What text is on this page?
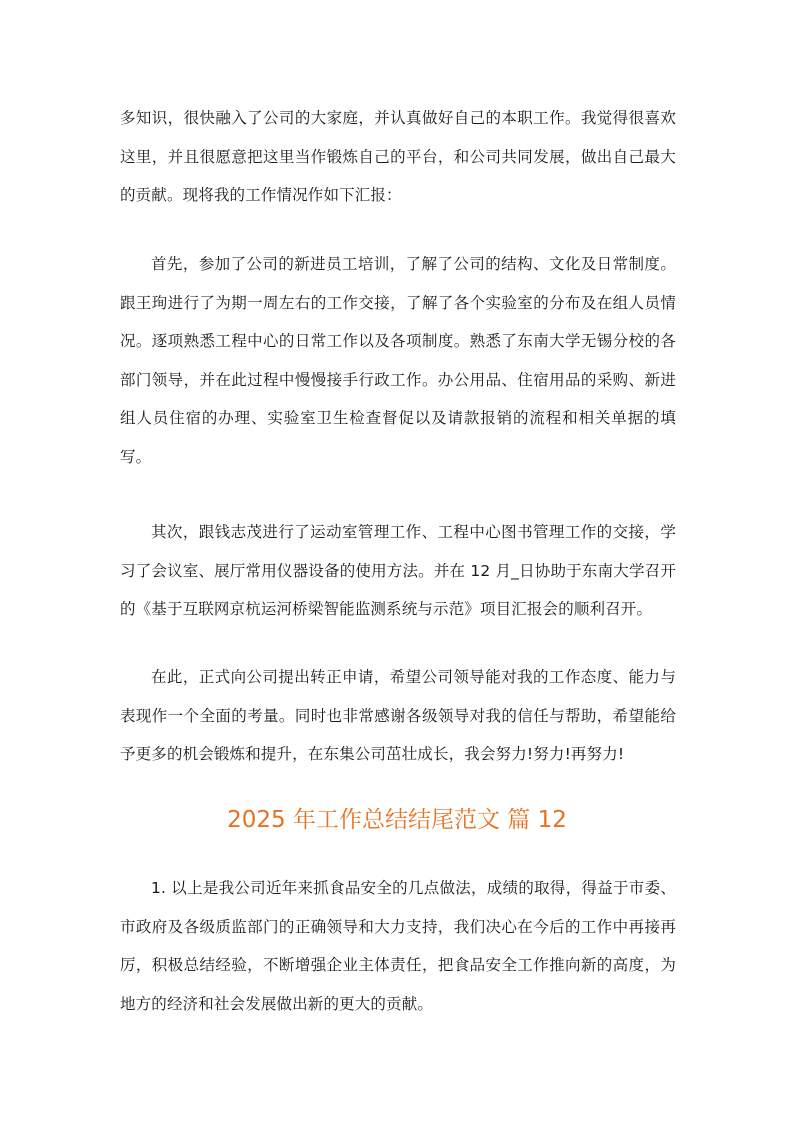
多知识，很快融入了公司的大家庭，并认真做好自己的本职工作。我觉得很喜欢这里，并且很愿意把这里当作锻炼自己的平台，和公司共同发展，做出自己最大的贡献。现将我的工作情况作如下汇报：

首先，参加了公司的新进员工培训，了解了公司的结构、文化及日常制度。跟王珣进行了为期一周左右的工作交接，了解了各个实验室的分布及在组人员情况。逐项熟悉工程中心的日常工作以及各项制度。熟悉了东南大学无锡分校的各部门领导，并在此过程中慢慢接手行政工作。办公用品、住宿用品的采购、新进组人员住宿的办理、实验室卫生检查督促以及请款报销的流程和相关单据的填写。

其次，跟钱志茂进行了运动室管理工作、工程中心图书管理工作的交接，学习了会议室、展厅常用仪器设备的使用方法。并在 12 月_日协助于东南大学召开的《基于互联网京杭运河桥梁智能监测系统与示范》项目汇报会的顺利召开。

在此，正式向公司提出转正申请，希望公司领导能对我的工作态度、能力与表现作一个全面的考量。同时也非常感谢各级领导对我的信任与帮助，希望能给予更多的机会锻炼和提升，在东集公司茁壮成长，我会努力!努力!再努力!

2025 年工作总结结尾范文 篇 12

1. 以上是我公司近年来抓食品安全的几点做法，成绩的取得，得益于市委、市政府及各级质监部门的正确领导和大力支持，我们决心在今后的工作中再接再厉，积极总结经验，不断增强企业主体责任，把食品安全工作推向新的高度，为地方的经济和社会发展做出新的更大的贡献。
